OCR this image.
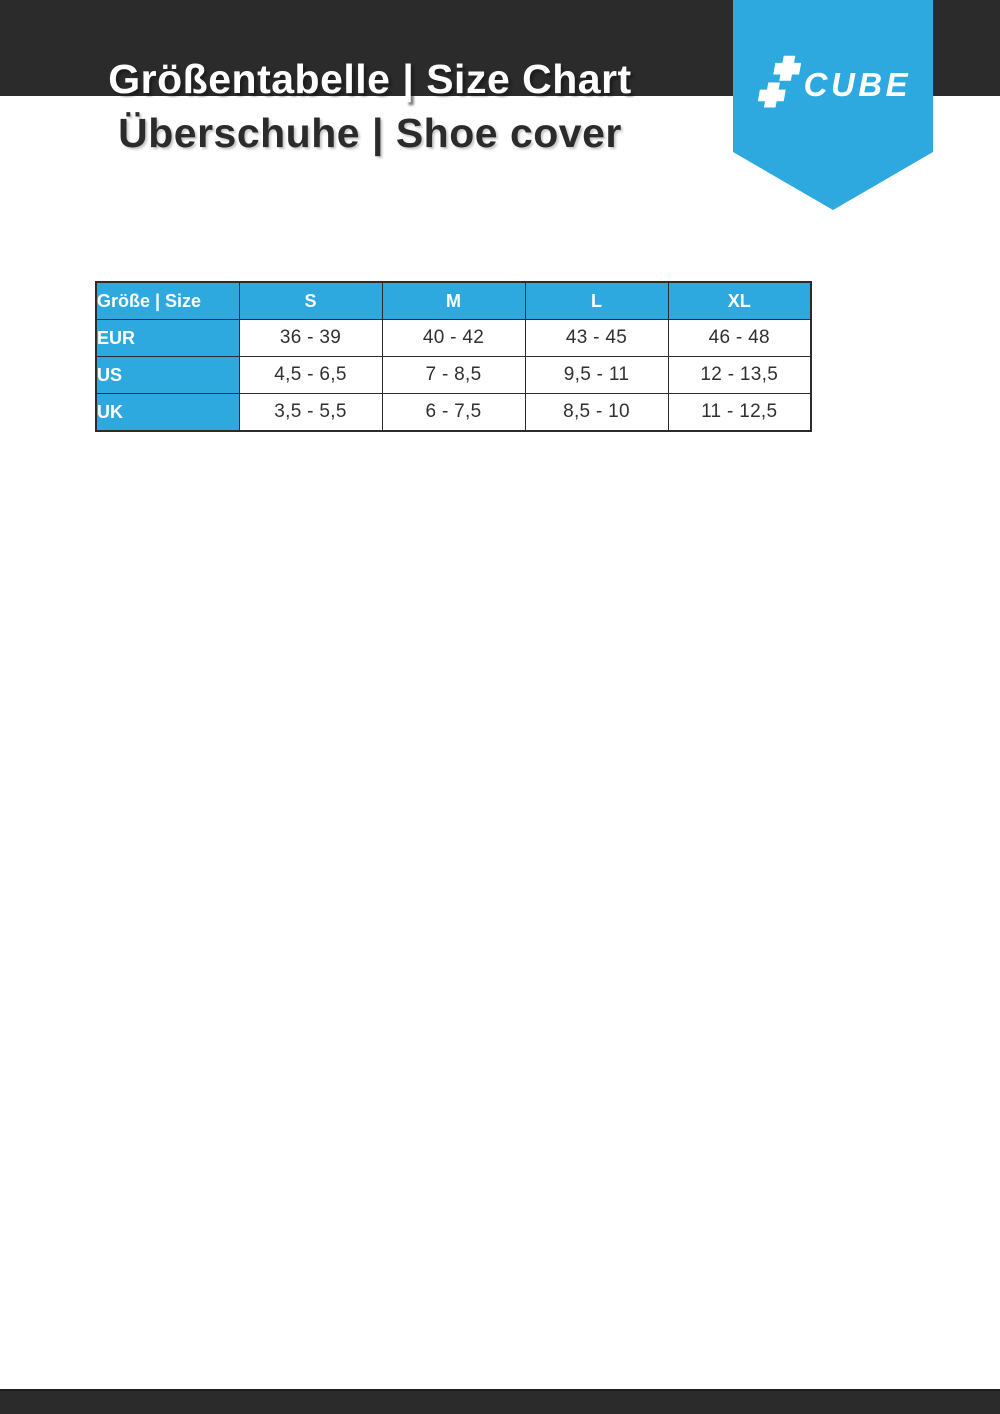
Größentabelle | Size Chart
Überschuhe | Shoe cover
CUBE
Größe | Size	S	M	L	XL
EUR	36 - 39	40 - 42	43 - 45	46 - 48
US	4,5 - 6,5	7 - 8,5	9,5 - 11	12 - 13,5
UK	3,5 - 5,5	6 - 7,5	8,5 - 10	11 - 12,5
